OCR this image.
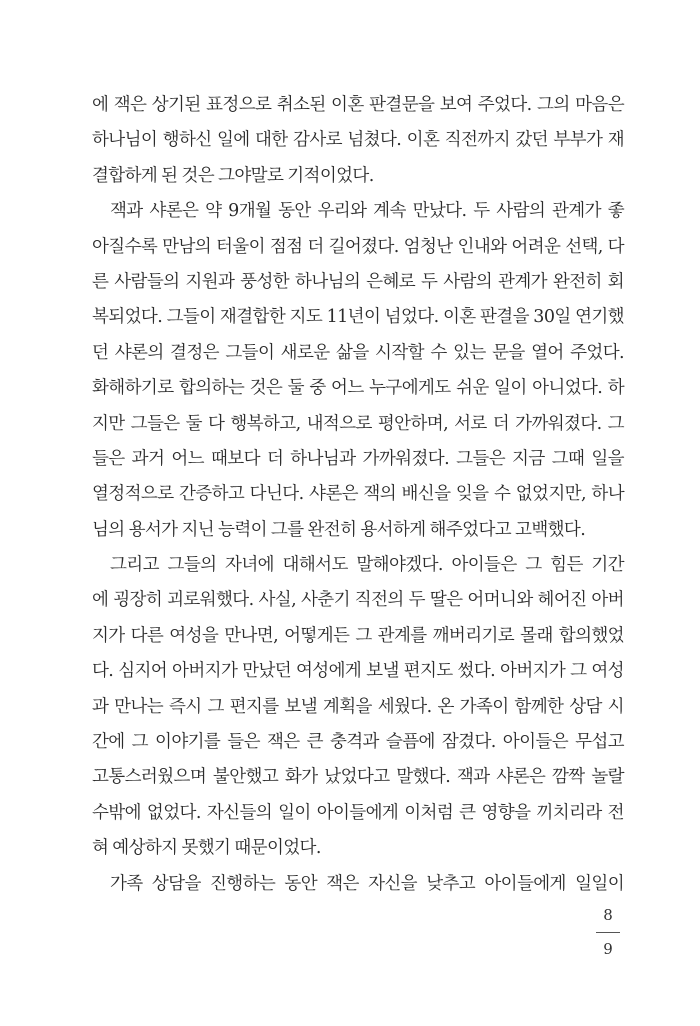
에 잭은 상기된 표정으로 취소된 이혼 판결문을 보여 주었다. 그의 마음은
하나님이 행하신 일에 대한 감사로 넘쳤다. 이혼 직전까지 갔던 부부가 재
결합하게 된 것은 그야말로 기적이었다.

잭과 샤론은 약 9개월 동안 우리와 계속 만났다. 두 사람의 관계가 좋
아질수록 만남의 터울이 점점 더 길어졌다. 엄청난 인내와 어려운 선택, 다
른 사람들의 지원과 풍성한 하나님의 은혜로 두 사람의 관계가 완전히 회
복되었다. 그들이 재결합한 지도 11년이 넘었다. 이혼 판결을 30일 연기했
던 샤론의 결정은 그들이 새로운 삶을 시작할 수 있는 문을 열어 주었다.
화해하기로 합의하는 것은 둘 중 어느 누구에게도 쉬운 일이 아니었다. 하
지만 그들은 둘 다 행복하고, 내적으로 평안하며, 서로 더 가까워졌다. 그
들은 과거 어느 때보다 더 하나님과 가까워졌다. 그들은 지금 그때 일을
열정적으로 간증하고 다닌다. 샤론은 잭의 배신을 잊을 수 없었지만, 하나
님의 용서가 지닌 능력이 그를 완전히 용서하게 해주었다고 고백했다.

그리고 그들의 자녀에 대해서도 말해야겠다. 아이들은 그 힘든 기간
에 굉장히 괴로워했다. 사실, 사춘기 직전의 두 딸은 어머니와 헤어진 아버
지가 다른 여성을 만나면, 어떻게든 그 관계를 깨버리기로 몰래 합의했었
다. 심지어 아버지가 만났던 여성에게 보낼 편지도 썼다. 아버지가 그 여성
과 만나는 즉시 그 편지를 보낼 계획을 세웠다. 온 가족이 함께한 상담 시
간에 그 이야기를 들은 잭은 큰 충격과 슬픔에 잠겼다. 아이들은 무섭고
고통스러웠으며 불안했고 화가 났었다고 말했다. 잭과 샤론은 깜짝 놀랄
수밖에 없었다. 자신들의 일이 아이들에게 이처럼 큰 영향을 끼치리라 전
혀 예상하지 못했기 때문이었다.

가족 상담을 진행하는 동안 잭은 자신을 낮추고 아이들에게 일일이

8
9
